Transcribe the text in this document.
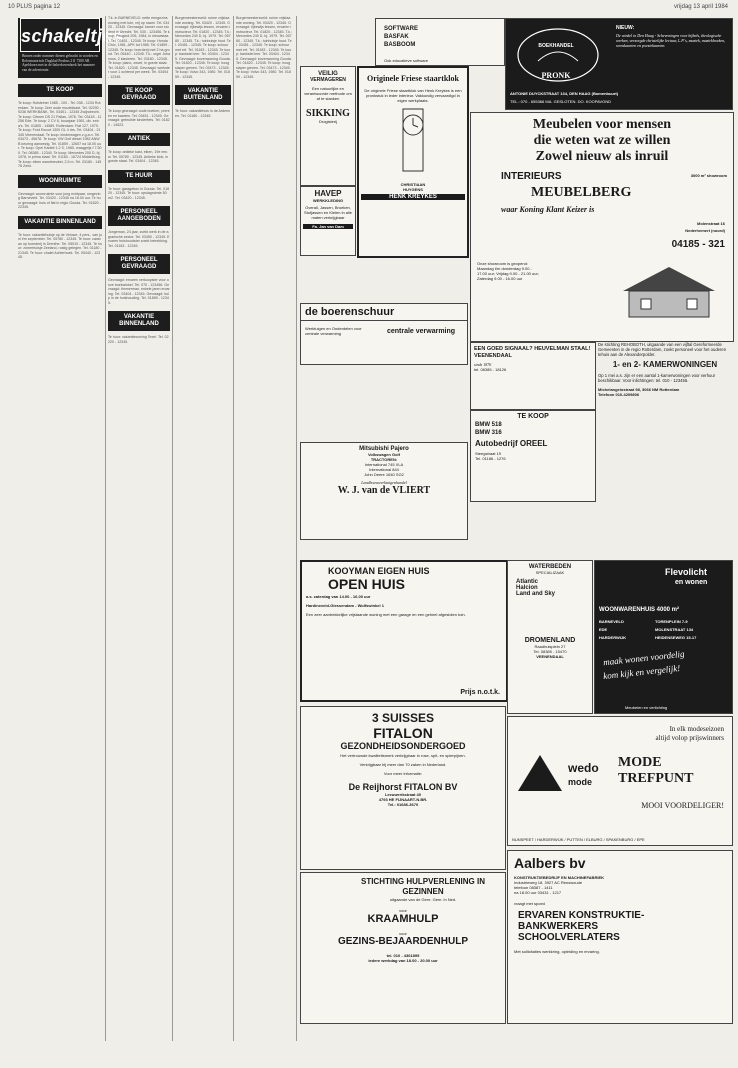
10 PLUS pagina 12	vrijdag 13 april 1984
schakeltjes
Binnen onder nummer dienen gebracht in worden en Reformatorisch Dagblad Postbus 211 7300 AB Apeldoorn met in de linkerbovenhoek het nummer van de advertentie.
TE KOOP
Te koop: Holsteiner 1985 - 100 - Tel. 038 - 1234 Roterdam. Te koop: Zeer oude muziekkast. Tel. 02290 - 9236 WERKBANK, Tel. 03451 - 12345 Zwijndrecht. Te koop: Citroen DS 21 Pallas, 1976. Tel. 03418 - 11256 Ede. Te koop: 2 CV 6, bouwjaar 1981, div. extra's. Tel. 01805 - 14589. Rotterdam: Fiat 127, 1979. Te koop: Ford Escort 1300 GL 4 drs. Tel. 03404 - 21345 Veenendaal. Te koop: kinderwagen z.g.a.n. Tel. 03473 - 45678. Te koop: VW Golf diesel 1982 ANWB keuring aanwezig. Tel. 01859 - 12657 na 18.00 uur. Te koop: Opel Kadett 1.2 S, 1980, vraagprijs f 7.500. Tel. 08385 - 12340. Te koop: Mercedes 200 D, bj. 1978, in prima staat. Tel. 01183 - 16724 Middelburg. Te koop: eiken wandmeubel, 2,5 m. Tel. 03180 - 14578 Zeist.
WOONRUIMTE
Gevraagd: woonruimte voor jong echtpaar, omgeving Barneveld. Tel. 03420 - 12345 na 18.00 uur. Te huur gevraagd: huis of flat in regio Gouda. Tel. 01820 - 22345.
VAKANTIE BINNENLAND
Te huur: vakantiehuisje op de Veluwe, 4 pers., van juni t/m september. Tel. 05780 - 12345. Te huur: caravan op boerderij in Drenthe. Tel. 05910 - 12345. Te huur: zomerhuisje Zeeland, rustig gelegen. Tel. 01180 - 21345. Te huur: chalet Achterhoek. Tel. 05440 - 12345.
T.k. in BARNEVELD: nette eengezinswoning met tuin, vrij op naam. Tel. 03420 - 12345. Gevraagd: kamer voor student in Utrecht. Tel. 030 - 123456. Te koop: Peugeot 205, 1984, in nieuwstaat. Tel. 03451 - 12345. Te koop: Honda Civic, 1981, APK tot 1985. Tel. 01859 - 12345. Te koop: boerderij met 2 ha grond. Tel. 05440 - 12345. T.k.: orgel Johannus, 2 klavieren. Tel. 03180 - 12345. Te koop: piano, zwart, in goede staat. Tel. 01820 - 12345. Gevraagd: werkster voor 1 ochtend per week. Tel. 03404 - 12345.
TE KOOP GEVRAAGD
Te koop gevraagd: oude boeken, prenten en kaarten. Tel. 03451 - 12345. Gevraagd: gebruikte kinderfiets. Tel. 01820 - 14523.
ANTIEK
Te koop: antieke kast, eiken, 19e eeuw. Tel. 05780 - 12345. Antieke klok, in goede staat. Tel. 03404 - 12345.
TE HUUR
Te huur: garagebox in Gouda. Tel. 01820 - 12345. Te huur: opslagruimte 50 m2. Tel. 03420 - 12345.
PERSONEEL AANGEBODEN
Jongeman, 24 jaar, zoekt werk in de agrarische sector. Tel. 03450 - 12345. Ervaren huishoudster zoekt betrekking. Tel. 01183 - 12345.
PERSONEEL GEVRAAGD
Gevraagd: ervaren verkoopster voor onze boekwinkel. Tel. 070 - 123456. Gevraagd: timmerman, enkele jaren ervaring. Tel. 03404 - 12345. Gevraagd: hulp in de huishouding. Tel. 01859 - 12345.
VAKANTIE BINNENLAND
Te huur: vakantiewoning Texel. Tel. 02220 - 12345.
Burgemeestersveld: ruime vrijstaande woning. Tel. 03420 - 12345. Gevraagd: rijbewijs lessen, ervaren instructeur. Tel. 01820 - 12345. T.k.: Mercedes 240 D, bj. 1979. Tel. 05780 - 12345. T.k.: tuinhuisje hout. Tel. 03451 - 12345. Te koop: schuur met erf. Tel. 01183 - 12345. Te koop: bankstel leer. Tel. 03404 - 12345. Gevraagd: bovenwoning Gouda. Tel. 01820 - 12345. Te koop: hoogslaper grenen. Tel. 03473 - 12345. Te koop: Volvo 343, 1980. Tel. 01859 - 12345.
VAKANTIE BUITENLAND
Te huur: vakantiehuis in de Ardennen. Tel. 01180 - 12345.
Burgemeestersveld: ruime vrijstaande woning. Tel. 03420 - 12345. Gevraagd: rijbewijs lessen, ervaren instructeur. Tel. 01820 - 12345. T.k.: Mercedes 240 D, bj. 1979. Tel. 05780 - 12345. T.k.: tuinhuisje hout. Tel. 03451 - 12345. Te koop: schuur met erf. Tel. 01183 - 12345. Te koop: bankstel leer. Tel. 03404 - 12345. Gevraagd: bovenwoning Gouda. Tel. 01820 - 12345. Te koop: hoogslaper grenen. Tel. 03473 - 12345. Te koop: Volvo 343, 1980. Tel. 01859 - 12345.
SOFTWARE
BASFAK
BASBOOM
Ook educatieve software
VEILIG
VERMAGEREN
Een natuurlijke en verantwoorde methode om af te slanken
SIKKING
Drogisterij
HAVEP
WERKKLEDING
Overall, Jassen, Broeken, Stofjassen en Kielen in alle maten verkrijgbaar
Fa. Jan van Dam
Originele Friese staartklok
De originele Friese staartklok van Henk Kreykes is een pronkstuk in ieder interieur. Vakkundig vervaardigd in eigen werkplaats.
CHRISTIAAN
HUYGENS
HENK KREYKES
BOEKHANDEL
PRONK
NIEUW:
De winkel in Den Haag - Scheveningen voor bijbels, theologische werken, verzorgde christelijke lectuur, L.P.'s, muziek, muziekboeken, wenskaarten en poeziekaarten.
ANTONIE DUYCKSTRAAT 134, DEN HAAG (Bomenbuurt)
TEL.: 070 - 655366 MA. GESLOTEN. DO. KOOPAVOND
Meubelen voor mensen
die weten wat ze willen
Zowel nieuw als inruil
INTERIEURS
MEUBELBERG
3000 m² showroom
waar Koning Klant Keizer is
Molenstraat 16
Nederhemert (noord)
04185 - 321
Onze showroom is geopend: Maandag t/m donderdag 9.00 - 17.00 uur; Vrijdag 9.00 - 21.00 uur; Zaterdag 9.00 - 16.00 uur
de boerenschuur
centrale verwarming
Werktuigen en Onderdelen voor centrale verwarming
EEN GOED SIGNAAL? HEUVELMAN STAAL! VEENENDAAL
sinds 1876
tel. 08385 - 18126
De stichting REHOBOTH, uitgaande van een vijftal Gereformeerde Gemeenten in de regio Rotterdam, zoekt personeel voor het ouderen tehuis aan de Alexanderpolder.
1- en 2- KAMERWONINGEN
Op 1 mei a.s. zijn er een aantal 1-kamerwoningen voor verhuur beschikbaar. Voor inlichtingen: tel. 010 - 123456.
Michelangelostraat 98, 3066 NM Rotterdam
Telefoon 010-4209806
Mitsubishi Pajero
Volkswagen Golf
TRACTOREN:
International 745 XLA
International 844
John Deere 1640 SG2
Landbouwwerktuigenhandel
W. J. van de VLIERT
TE KOOP
BMW 518
BMW 316
Autobedrijf OREEL
Steegstraat 19
Tel. 01186 - 1276
KOOYMAN EIGEN HUIS
OPEN HUIS
a.s. zaterdag van 14.00 - 16.00 uur
Hardinxveld-Giessendam - Wolfswinkel 1
Een zeer aantrekkelijke vrijstaande woning met een garage en een geheel afgesloten tuin.
Prijs n.o.t.k.
WATERBEDEN
SPECIALIZAAK
Atlantic
Halcion
Land and Sky
DROMENLAND
Raadhuisplein 27
Tel. 08385 - 15470
VEENENDAAL
Flevolicht
en wonen
WOONWARENHUIS 4000 m²
BARNEVELD	TORENPLEIN 7-9
EDE	MOLENSTRAAT 134
HARDERWIJK	HEIDENSEWEG 15-17
maak wonen voordelig
kom kijk en vergelijk!
Meubelen en verlichting
3 SUISSES
FITALON
GEZONDHEIDSONDERGOED
Het vertrouwde kwaliteitsmerk verkrijgbaar in rose, spit- en spierpijnen.
Verkrijgbaar bij meer dan 70 zaken in Nederland.
Voor meer informatie:
De Reijhorst FITALON BV
Leeuwerikstraat 40
4793 HE FIJNAART-N.BR.
Tel.: 01686-3670
In elk modeseizoen
altijd volop prijswinners
wedo
mode
MODE
TREFPUNT
MOOI VOORDELIGER!
NUNSPEET / HARDERWIJK / PUTTEN / ELBURG / SPAKENBURG / EPE
STICHTING HULPVERLENING IN GEZINNEN
uitgaande van de Gere. Gem. in Ned.
voor
KRAAMHULP
voor
GEZINS-BEJAARDENHULP
tel. 010 - 4361895
iedere werkdag van 18.00 - 20.00 uur
Aalbers bv
KONSTRUKTIEBEDRIJF EN MACHINEFABRIEK
Industrieweg 18, 3927 AC Renswoude
telefoon 08387 - 1411
na 18.00 uur 03431 - 1217
vraagt met spoed
ERVAREN KONSTRUKTIE-
BANKWERKERS
SCHOOLVERLATERS
Met sollicitaties werkkring, opleiding en ervaring.
